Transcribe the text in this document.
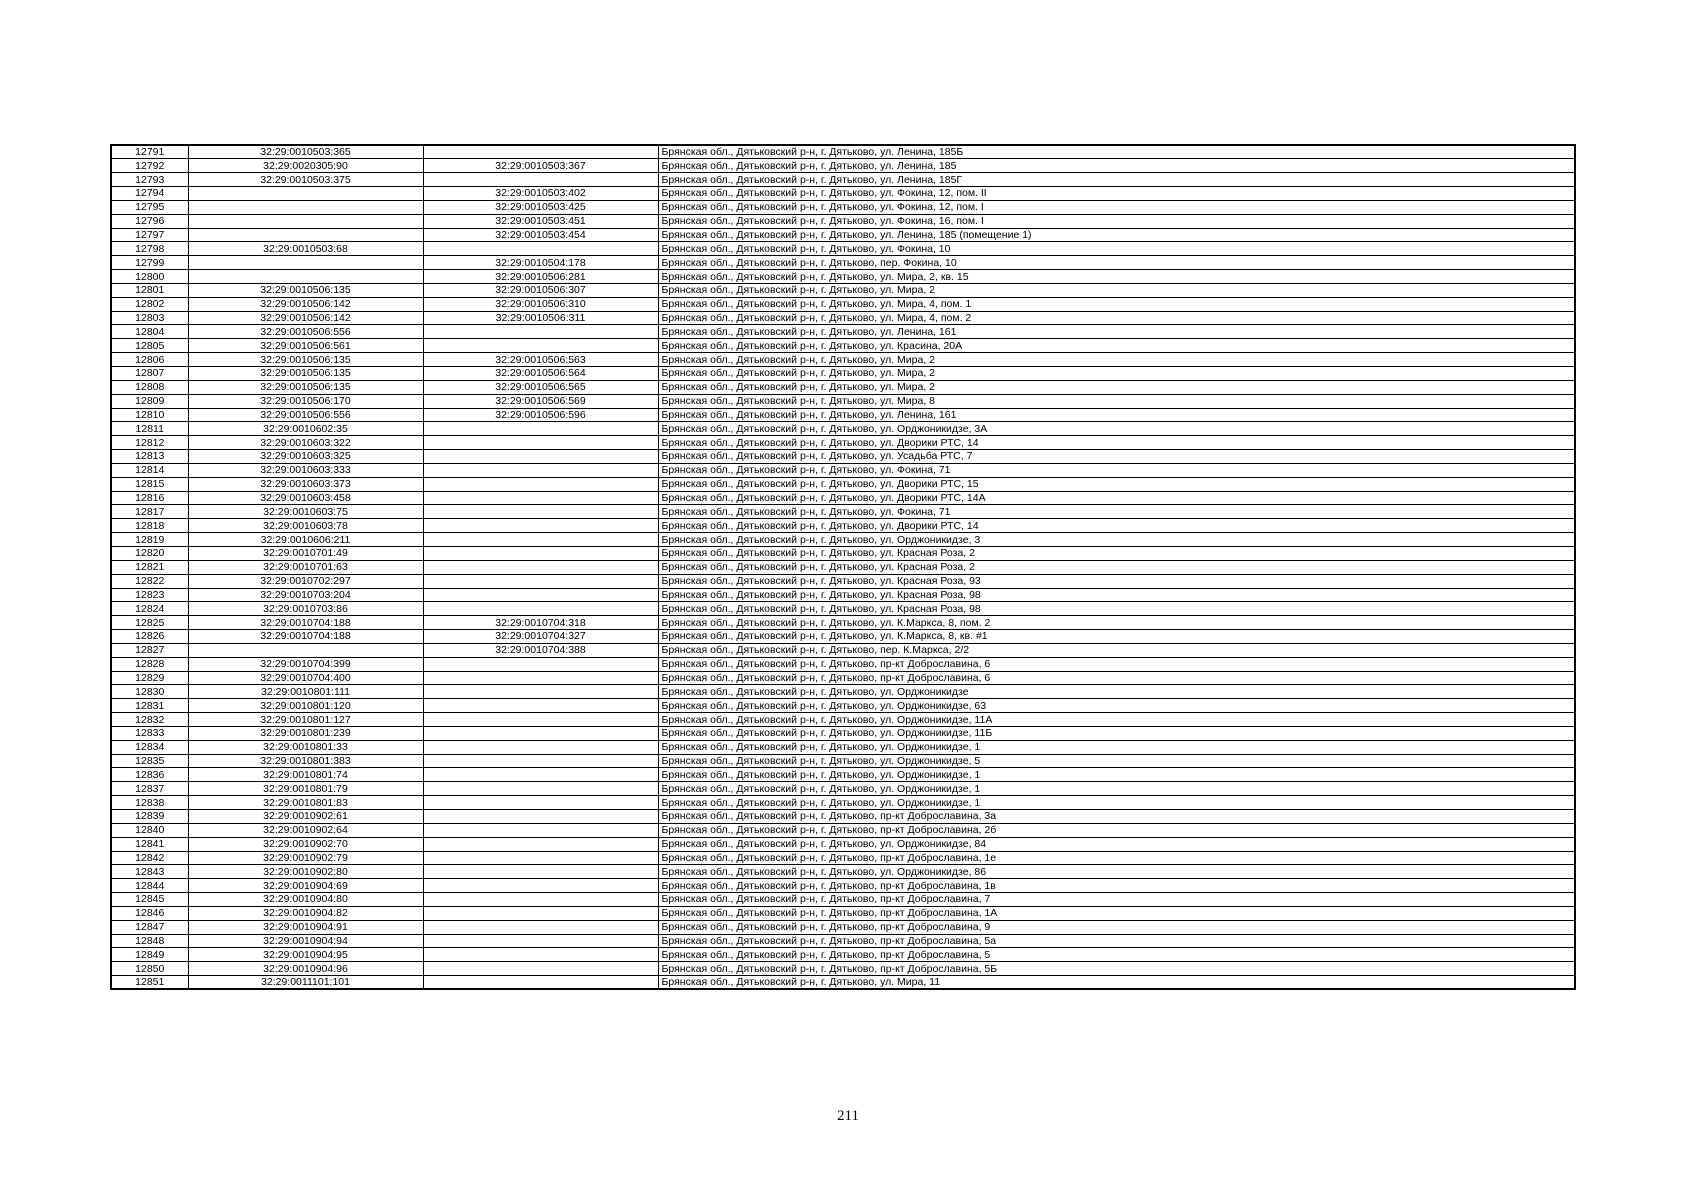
12791	32:29:0010503:365		Брянская обл., Дятьковский р-н, г. Дятьково, ул. Ленина, 185Б
12792	32:29:0020305:90	32:29:0010503:367	Брянская обл., Дятьковский р-н, г. Дятьково, ул. Ленина, 185
12793	32:29:0010503:375		Брянская обл., Дятьковский р-н, г. Дятьково, ул. Ленина, 185Г
12794		32:29:0010503:402	Брянская обл., Дятьковский р-н, г. Дятьково, ул. Фокина, 12, пом. II
12795		32:29:0010503:425	Брянская обл., Дятьковский р-н, г. Дятьково, ул. Фокина, 12, пом. I
12796		32:29:0010503:451	Брянская обл., Дятьковский р-н, г. Дятьково, ул. Фокина, 16, пом. I
12797		32:29:0010503:454	Брянская обл., Дятьковский р-н, г. Дятьково, ул. Ленина, 185 (помещение 1)
12798	32:29:0010503:68		Брянская обл., Дятьковский р-н, г. Дятьково, ул. Фокина, 10
12799		32:29:0010504:178	Брянская обл., Дятьковский р-н, г. Дятьково, пер. Фокина, 10
12800		32:29:0010506:281	Брянская обл., Дятьковский р-н, г. Дятьково, ул. Мира, 2, кв. 15
12801	32:29:0010506:135	32:29:0010506:307	Брянская обл., Дятьковский р-н, г. Дятьково, ул. Мира, 2
12802	32:29:0010506:142	32:29:0010506:310	Брянская обл., Дятьковский р-н, г. Дятьково, ул. Мира, 4, пом. 1
12803	32:29:0010506:142	32:29:0010506:311	Брянская обл., Дятьковский р-н, г. Дятьково, ул. Мира, 4, пом. 2
12804	32:29:0010506:556		Брянская обл., Дятьковский р-н, г. Дятьково, ул. Ленина, 161
12805	32:29:0010506:561		Брянская обл., Дятьковский р-н, г. Дятьково, ул. Красина, 20А
12806	32:29:0010506:135	32:29:0010506:563	Брянская обл., Дятьковский р-н, г. Дятьково, ул. Мира, 2
12807	32:29:0010506:135	32:29:0010506:564	Брянская обл., Дятьковский р-н, г. Дятьково, ул. Мира, 2
12808	32:29:0010506:135	32:29:0010506:565	Брянская обл., Дятьковский р-н, г. Дятьково, ул. Мира, 2
12809	32:29:0010506:170	32:29:0010506:569	Брянская обл., Дятьковский р-н, г. Дятьково, ул. Мира, 8
12810	32:29:0010506:556	32:29:0010506:596	Брянская обл., Дятьковский р-н, г. Дятьково, ул. Ленина, 161
12811	32:29:0010602:35		Брянская обл., Дятьковский р-н, г. Дятьково, ул. Орджоникидзе, 3А
12812	32:29:0010603:322		Брянская обл., Дятьковский р-н, г. Дятьково, ул. Дворики РТС, 14
12813	32:29:0010603:325		Брянская обл., Дятьковский р-н, г. Дятьково, ул. Усадьба РТС, 7
12814	32:29:0010603:333		Брянская обл., Дятьковский р-н, г. Дятьково, ул. Фокина, 71
12815	32:29:0010603:373		Брянская обл., Дятьковский р-н, г. Дятьково, ул. Дворики РТС, 15
12816	32:29:0010603:458		Брянская обл., Дятьковский р-н, г. Дятьково, ул. Дворики РТС, 14А
12817	32:29:0010603:75		Брянская обл., Дятьковский р-н, г. Дятьково, ул. Фокина, 71
12818	32:29:0010603:78		Брянская обл., Дятьковский р-н, г. Дятьково, ул. Дворики РТС, 14
12819	32:29:0010606:211		Брянская обл., Дятьковский р-н, г. Дятьково, ул. Орджоникидзе, 3
12820	32:29:0010701:49		Брянская обл., Дятьковский р-н, г. Дятьково, ул. Красная Роза, 2
12821	32:29:0010701:63		Брянская обл., Дятьковский р-н, г. Дятьково, ул. Красная Роза, 2
12822	32:29:0010702:297		Брянская обл., Дятьковский р-н, г. Дятьково, ул. Красная Роза, 93
12823	32:29:0010703:204		Брянская обл., Дятьковский р-н, г. Дятьково, ул. Красная Роза, 98
12824	32:29:0010703:86		Брянская обл., Дятьковский р-н, г. Дятьково, ул. Красная Роза, 98
12825	32:29:0010704:188	32:29:0010704:318	Брянская обл., Дятьковский р-н, г. Дятьково, ул. К.Маркса, 8, пом. 2
12826	32:29:0010704:188	32:29:0010704:327	Брянская обл., Дятьковский р-н, г. Дятьково, ул. К.Маркса, 8, кв. #1
12827		32:29:0010704:388	Брянская обл., Дятьковский р-н, г. Дятьково, пер. К.Маркса, 2/2
12828	32:29:0010704:399		Брянская обл., Дятьковский р-н, г. Дятьково, пр-кт Доброславина, 6
12829	32:29:0010704:400		Брянская обл., Дятьковский р-н, г. Дятьково, пр-кт Доброславина, 6
12830	32:29:0010801:111		Брянская обл., Дятьковский р-н, г. Дятьково, ул. Орджоникидзе
12831	32:29:0010801:120		Брянская обл., Дятьковский р-н, г. Дятьково, ул. Орджоникидзе, 63
12832	32:29:0010801:127		Брянская обл., Дятьковский р-н, г. Дятьково, ул. Орджоникидзе, 11А
12833	32:29:0010801:239		Брянская обл., Дятьковский р-н, г. Дятьково, ул. Орджоникидзе, 11Б
12834	32:29:0010801:33		Брянская обл., Дятьковский р-н, г. Дятьково, ул. Орджоникидзе, 1
12835	32:29:0010801:383		Брянская обл., Дятьковский р-н, г. Дятьково, ул. Орджоникидзе, 5
12836	32:29:0010801:74		Брянская обл., Дятьковский р-н, г. Дятьково, ул. Орджоникидзе, 1
12837	32:29:0010801:79		Брянская обл., Дятьковский р-н, г. Дятьково, ул. Орджоникидзе, 1
12838	32:29:0010801:83		Брянская обл., Дятьковский р-н, г. Дятьково, ул. Орджоникидзе, 1
12839	32:29:0010902:61		Брянская обл., Дятьковский р-н, г. Дятьково, пр-кт Доброславина, 3а
12840	32:29:0010902:64		Брянская обл., Дятьковский р-н, г. Дятьково, пр-кт Доброславина, 2б
12841	32:29:0010902:70		Брянская обл., Дятьковский р-н, г. Дятьково, ул. Орджоникидзе, 84
12842	32:29:0010902:79		Брянская обл., Дятьковский р-н, г. Дятьково, пр-кт Доброславина, 1е
12843	32:29:0010902:80		Брянская обл., Дятьковский р-н, г. Дятьково, ул. Орджоникидзе, 86
12844	32:29:0010904:69		Брянская обл., Дятьковский р-н, г. Дятьково, пр-кт Доброславина, 1в
12845	32:29:0010904:80		Брянская обл., Дятьковский р-н, г. Дятьково, пр-кт Доброславина, 7
12846	32:29:0010904:82		Брянская обл., Дятьковский р-н, г. Дятьково, пр-кт Доброславина, 1А
12847	32:29:0010904:91		Брянская обл., Дятьковский р-н, г. Дятьково, пр-кт Доброславина, 9
12848	32:29:0010904:94		Брянская обл., Дятьковский р-н, г. Дятьково, пр-кт Доброславина, 5а
12849	32:29:0010904:95		Брянская обл., Дятьковский р-н, г. Дятьково, пр-кт Доброславина, 5
12850	32:29:0010904:96		Брянская обл., Дятьковский р-н, г. Дятьково, пр-кт Доброславина, 5Б
12851	32:29:0011101:101		Брянская обл., Дятьковский р-н, г. Дятьково, ул. Мира, 11
211
